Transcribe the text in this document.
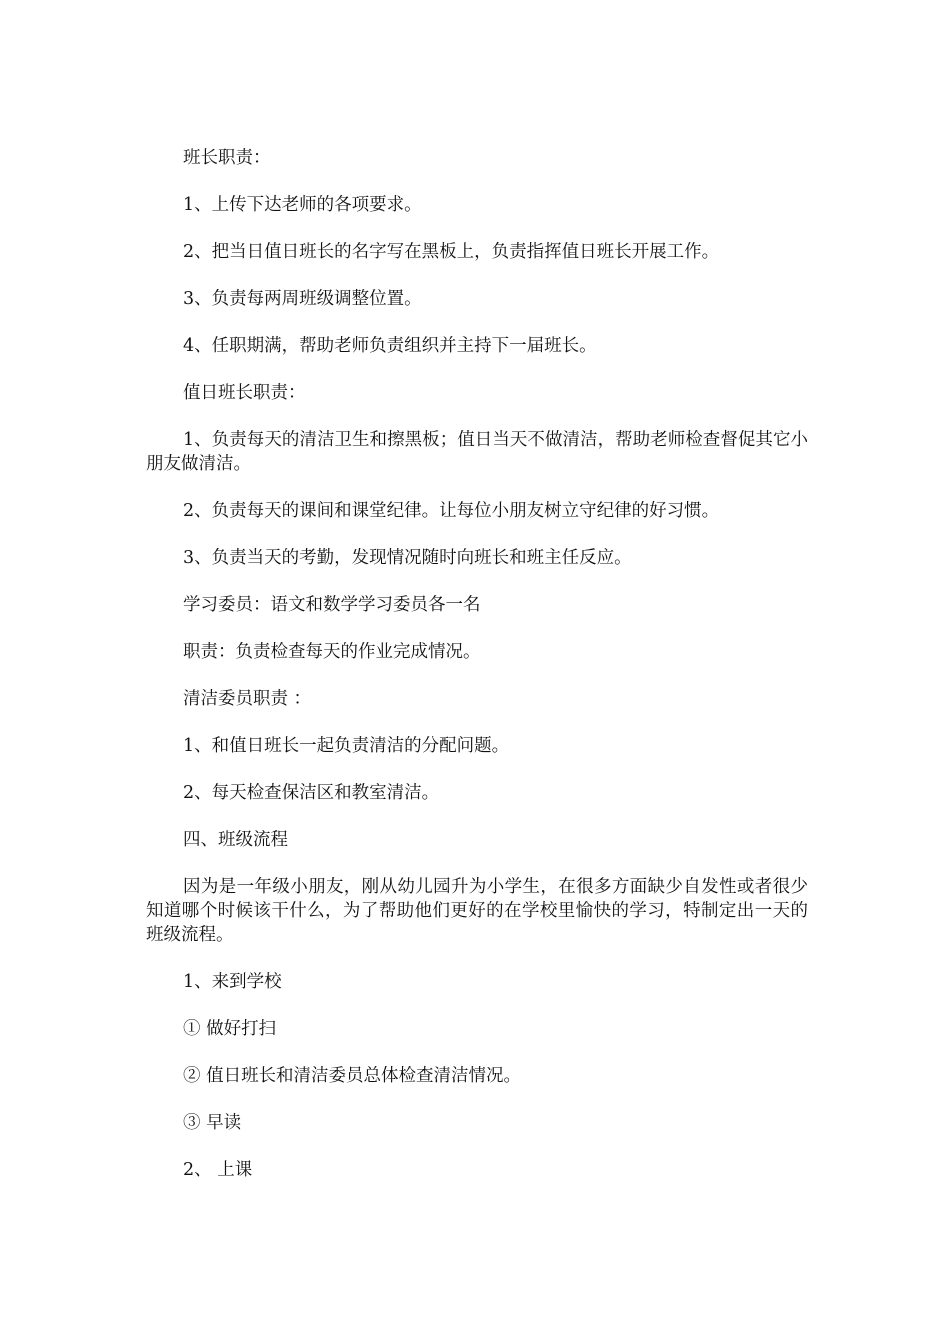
班长职责：

1、上传下达老师的各项要求。

2、把当日值日班长的名字写在黑板上，负责指挥值日班长开展工作。

3、负责每两周班级调整位置。

4、任职期满，帮助老师负责组织并主持下一届班长。

值日班长职责：

1、负责每天的清洁卫生和擦黑板；值日当天不做清洁，帮助老师检查督促其它小朋友做清洁。

2、负责每天的课间和课堂纪律。让每位小朋友树立守纪律的好习惯。

3、负责当天的考勤，发现情况随时向班长和班主任反应。

学习委员：语文和数学学习委员各一名

职责：负责检查每天的作业完成情况。

清洁委员职责 ：

1、和值日班长一起负责清洁的分配问题。

2、每天检查保洁区和教室清洁。

四、班级流程

因为是一年级小朋友，刚从幼儿园升为小学生，在很多方面缺少自发性或者很少知道哪个时候该干什么，为了帮助他们更好的在学校里愉快的学习，特制定出一天的班级流程。

1、来到学校

① 做好打扫

② 值日班长和清洁委员总体检查清洁情况。

③ 早读

2、 上课
